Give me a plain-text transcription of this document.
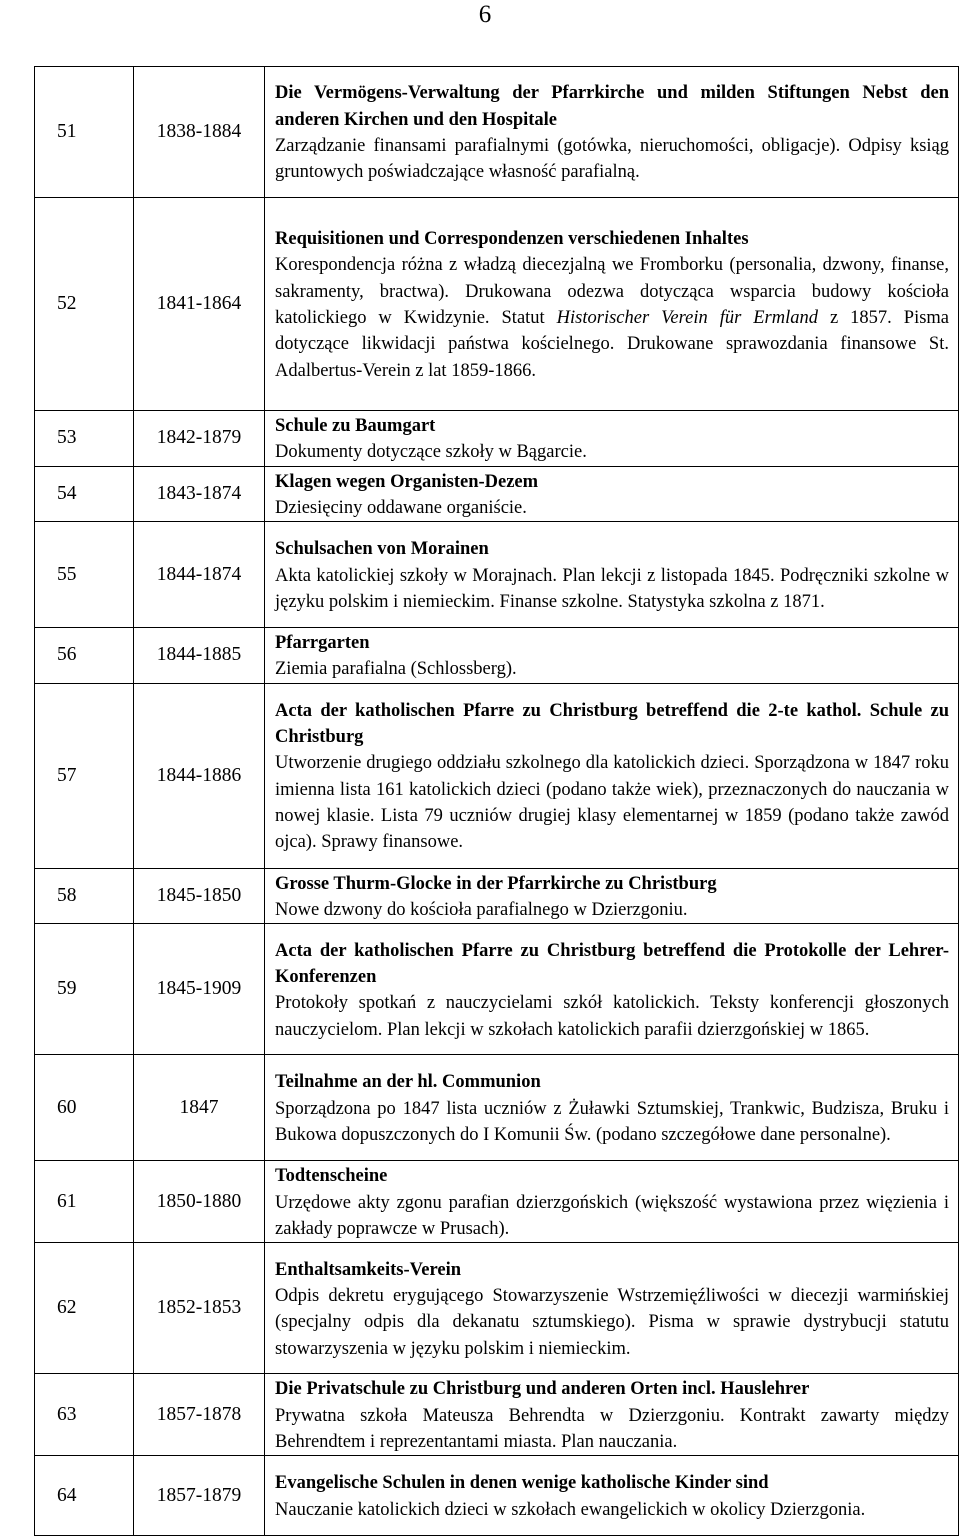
6
51	1838-1884	Die Vermögens-Verwaltung der Pfarrkirche und milden Stiftungen Nebst den anderen Kirchen und den Hospitale
Zarządzanie finansami parafialnymi (gotówka, nieruchomości, obligacje). Odpisy ksiąg gruntowych poświadczające własność parafialną.
52	1841-1864	Requisitionen und Correspondenzen verschiedenen Inhaltes
Korespondencja różna z władzą diecezjalną we Fromborku (personalia, dzwony, finanse, sakramenty, bractwa). Drukowana odezwa dotycząca wsparcia budowy kościoła katolickiego w Kwidzynie. Statut Historischer Verein für Ermland z 1857. Pisma dotyczące likwidacji państwa kościelnego. Drukowane sprawozdania finansowe St. Adalbertus-Verein z lat 1859-1866.
53	1842-1879	Schule zu Baumgart
Dokumenty dotyczące szkoły w Bągarcie.
54	1843-1874	Klagen wegen Organisten-Dezem
Dziesięciny oddawane organiście.
55	1844-1874	Schulsachen von Morainen
Akta katolickiej szkoły w Morajnach. Plan lekcji z listopada 1845. Podręczniki szkolne w języku polskim i niemieckim. Finanse szkolne. Statystyka szkolna z 1871.
56	1844-1885	Pfarrgarten
Ziemia parafialna (Schlossberg).
57	1844-1886	Acta der katholischen Pfarre zu Christburg betreffend die 2-te kathol. Schule zu Christburg
Utworzenie drugiego oddziału szkolnego dla katolickich dzieci. Sporządzona w 1847 roku imienna lista 161 katolickich dzieci (podano także wiek), przeznaczonych do nauczania w nowej klasie. Lista 79 uczniów drugiej klasy elementarnej w 1859 (podano także zawód ojca). Sprawy finansowe.
58	1845-1850	Grosse Thurm-Glocke in der Pfarrkirche zu Christburg
Nowe dzwony do kościoła parafialnego w Dzierzgoniu.
59	1845-1909	Acta der katholischen Pfarre zu Christburg betreffend die Protokolle der Lehrer-Konferenzen
Protokoły spotkań z nauczycielami szkół katolickich. Teksty konferencji głoszonych nauczycielom. Plan lekcji w szkołach katolickich parafii dzierzgońskiej w 1865.
60	1847	Teilnahme an der hl. Communion
Sporządzona po 1847 lista uczniów z Żuławki Sztumskiej, Trankwic, Budzisza, Bruku i Bukowa dopuszczonych do I Komunii Św. (podano szczegółowe dane personalne).
61	1850-1880	Todtenscheine
Urzędowe akty zgonu parafian dzierzgońskich (większość wystawiona przez więzienia i zakłady poprawcze w Prusach).
62	1852-1853	Enthaltsamkeits-Verein
Odpis dekretu erygującego Stowarzyszenie Wstrzemięźliwości w diecezji warmińskiej (specjalny odpis dla dekanatu sztumskiego). Pisma w sprawie dystrybucji statutu stowarzyszenia w języku polskim i niemieckim.
63	1857-1878	Die Privatschule zu Christburg und anderen Orten incl. Hauslehrer
Prywatna szkoła Mateusza Behrendta w Dzierzgoniu. Kontrakt zawarty między Behrendtem i reprezentantami miasta. Plan nauczania.
64	1857-1879	Evangelische Schulen in denen wenige katholische Kinder sind
Nauczanie katolickich dzieci w szkołach ewangelickich w okolicy Dzierzgonia.
